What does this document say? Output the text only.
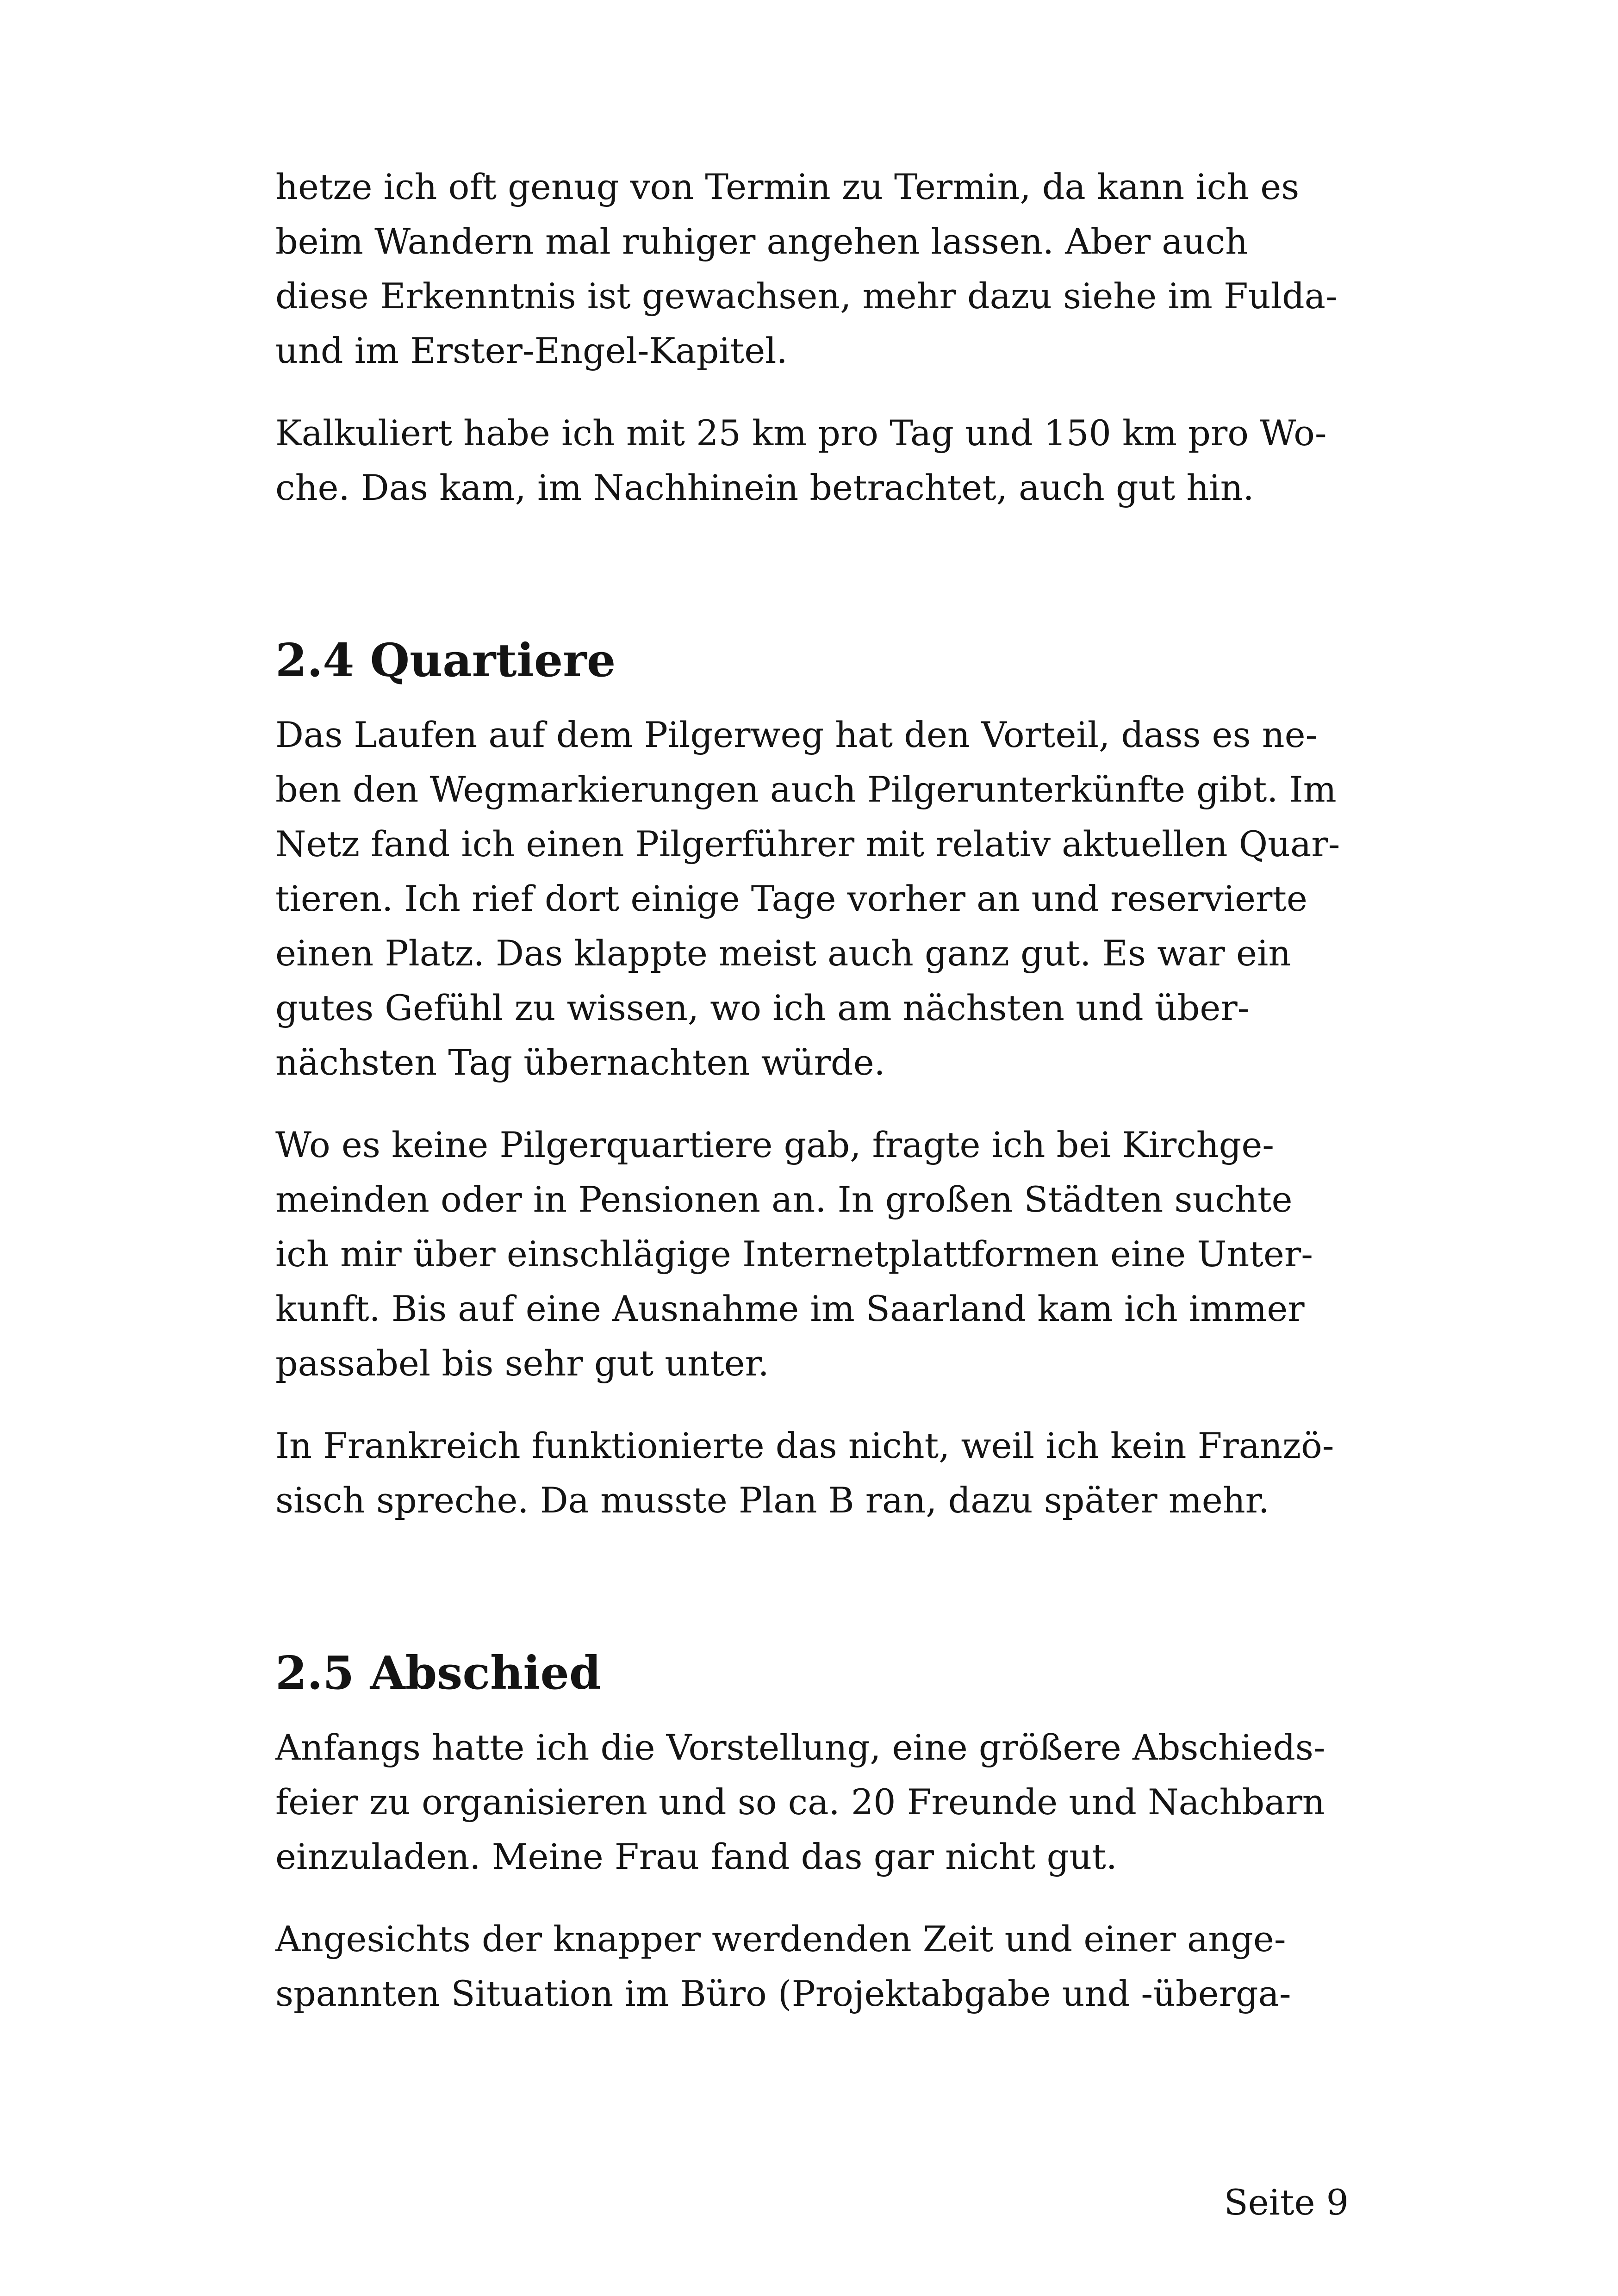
hetze ich oft genug von Termin zu Termin, da kann ich es
beim Wandern mal ruhiger angehen lassen. Aber auch
diese Erkenntnis ist gewachsen, mehr dazu siehe im Fulda-
und im Erster-Engel-Kapitel.

Kalkuliert habe ich mit 25 km pro Tag und 150 km pro Wo-
che. Das kam, im Nachhinein betrachtet, auch gut hin.

2.4 Quartiere

Das Laufen auf dem Pilgerweg hat den Vorteil, dass es ne-
ben den Wegmarkierungen auch Pilgerunterkünfte gibt. Im
Netz fand ich einen Pilgerführer mit relativ aktuellen Quar-
tieren. Ich rief dort einige Tage vorher an und reservierte
einen Platz. Das klappte meist auch ganz gut. Es war ein
gutes Gefühl zu wissen, wo ich am nächsten und über-
nächsten Tag übernachten würde.

Wo es keine Pilgerquartiere gab, fragte ich bei Kirchge-
meinden oder in Pensionen an. In großen Städten suchte
ich mir über einschlägige Internetplattformen eine Unter-
kunft. Bis auf eine Ausnahme im Saarland kam ich immer
passabel bis sehr gut unter.

In Frankreich funktionierte das nicht, weil ich kein Franzö-
sisch spreche. Da musste Plan B ran, dazu später mehr.

2.5 Abschied

Anfangs hatte ich die Vorstellung, eine größere Abschieds-
feier zu organisieren und so ca. 20 Freunde und Nachbarn
einzuladen. Meine Frau fand das gar nicht gut.

Angesichts der knapper werdenden Zeit und einer ange-
spannten Situation im Büro (Projektabgabe und -überga-

Seite 9
